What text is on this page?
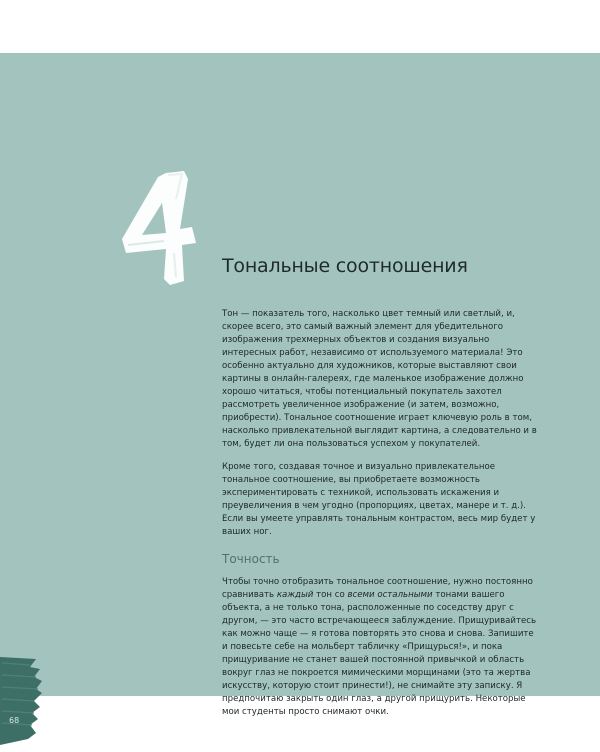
4
Тональные соотношения

Тон — показатель того, насколько цвет темный или светлый, и, скорее всего, это самый важный элемент для убедительного изображения трехмерных объектов и создания визуально интересных работ, независимо от используемого материала! Это особенно актуально для художников, которые выставляют свои картины в онлайн-галереях, где маленькое изображение должно хорошо читаться, чтобы потенциальный покупатель захотел рассмотреть увеличенное изображение (и затем, возможно, приобрести). Тональное соотношение играет ключевую роль в том, насколько привлекательной выглядит картина, а следовательно и в том, будет ли она пользоваться успехом у покупателей.

Кроме того, создавая точное и визуально привлекательное тональное соотношение, вы приобретаете возможность экспериментировать с техникой, использовать искажения и преувеличения в чем угодно (пропорциях, цветах, манере и т. д.). Если вы умеете управлять тональным контрастом, весь мир будет у ваших ног.

Точность

Чтобы точно отобразить тональное соотношение, нужно постоянно сравнивать каждый тон со всеми остальными тонами вашего объекта, а не только тона, расположенные по соседству друг с другом, — это часто встречающееся заблуждение. Прищуривайтесь как можно чаще — я готова повторять это снова и снова. Запишите и повесьте себе на мольберт табличку «Прищурься!», и пока прищуривание не станет вашей постоянной привычкой и область вокруг глаз не покроется мимическими морщинами (это та жертва искусству, которую стоит принести!), не снимайте эту записку. Я предпочитаю закрыть один глаз, а другой прищурить. Некоторые мои студенты просто снимают очки.

68
